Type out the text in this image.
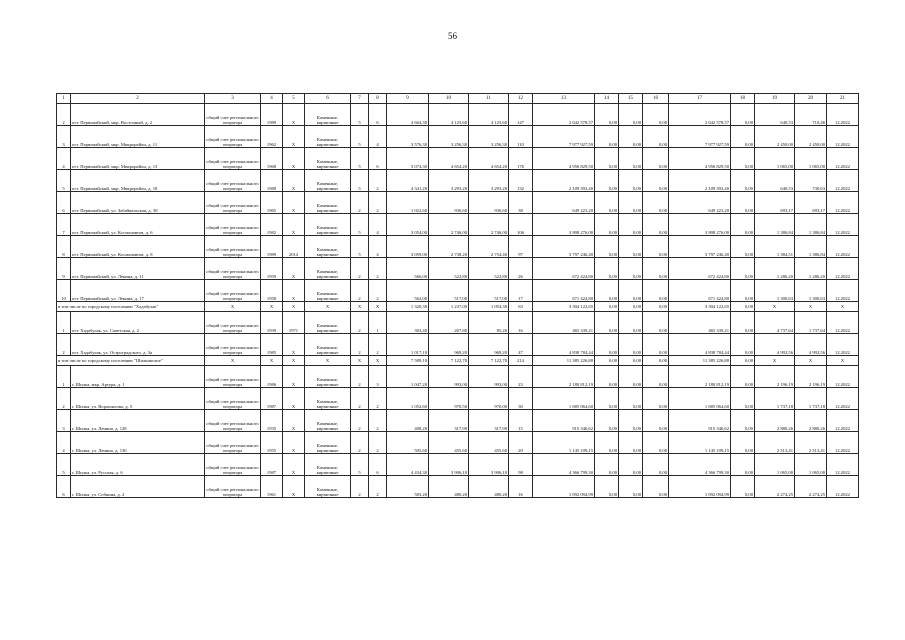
56
1	2	3	4	5	6	7	8	9	10	11	12	13	14	15	16	17	18	19	20	21
2	пгт. Первомайский, мкр. Восточный, д. 2	общий счет регионального оператора	1989	X	Каменные, кирпичные	5	6	4 664,30	4 125,60	4 125,60	147	2 642 578,57	0,00	0,00	0,00	2 642 578,57	0,00	640,53	710,46	12.2022
3	пгт. Первомайский, мкр. Микрорайон, д. 11	общий счет регионального оператора	1962	X	Каменные, кирпичные	5	4	3 576,30	3 256,30	3 256,30	110	7 977 927,59	0,00	0,00	0,00	7 977 927,59	0,00	2 450,00	2 450,00	12.2022
4	пгт. Первомайский, мкр. Микрорайон, д. 13	общий счет регионального оператора	1968	X	Каменные, кирпичные	5	6	5 074,30	4 654,20	4 654,20	176	4 956 829,50	0,00	0,00	0,00	4 956 829,50	0,00	1 065,00	1 065,00	12.2022
5	пгт. Первомайский, мкр. Микрорайон, д. 18	общий счет регионального оператора	1988	X	Каменные, кирпичные	5	2	4 341,20	3 293,20	3 293,20	132	2 109 393,40	0,00	0,00	0,00	2 109 393,40	0,00	640,53	730,63	12.2022
6	пгт. Первомайский, ул. Забайкальская, д. 38	общий счет регионального оператора	1965	X	Каменные, кирпичные	2	2	1 022,60	936,60	936,60	38	649 223,20	0,00	0,00	0,00	649 223,20	0,00	693,17	693,17	12.2022
7	пгт. Первомайский, ул. Космонавтов, д. 6	общий счет регионального оператора	1982	X	Каменные, кирпичные	5	4	3 054,00	2 746,00	2 746,00	106	3 808 276,00	0,00	0,00	0,00	3 808 276,00	0,00	1 386,84	1 386,84	12.2022
8	пгт. Первомайский, ул. Космонавтов, д. 8	общий счет регионального оператора	1989	2014	Каменные, кирпичные	5	4	3 059,00	2 738,20	2 754,40	97	3 797 246,40	0,00	0,00	0,00	3 797 246,40	0,00	1 384,51	1 386,84	12.2022
9	пгт. Первомайский, ул. Ленина, д. 11	общий счет регионального оператора	1959	X	Каменные, кирпичные	2	2	566,00	522,80	522,80	26	672 424,80	0,00	0,00	0,00	672 424,80	0,00	1 286,20	1 286,20	12.2022
10	пгт. Первомайский, ул. Ленина, д. 17	общий счет регионального оператора	1958	X	Каменные, кирпичные	2	2	562,00	517,00	517,00	17	671 424,80	0,00	0,00	0,00	671 424,80	0,00	1 300,63	1 300,63	12.2022
в том числе по городскому поселению "Хадабулак"		X	X	X	X	X	X	1 320,30	1 237,00	1 054,30	63	3 304 122,65	0,00	0,00	0,00	3 304 122,65	0,00	X	X	X
1	пгт. Хадабулак, ул. Советская, д. 2	общий счет регионального оператора	1939	1971	Каменные, кирпичные	2	1	303,40	267,80	85,26	16	465 339,21	0,00	0,00	0,00	465 339,21	0,00	4 737,64	1 737,64	12.2022
2	пгт. Хадабулак, ул. Остроградского, д. 3а	общий счет регионального оператора	1985	X	Каменные, кирпичные	2	2	1 017,10	969,20	969,20	47	4 838 784,44	0,00	0,00	0,00	4 838 784,44	0,00	4 992,56	4 992,56	12.2022
в том числе по городскому поселению "Шилкинское"		X	X	X	X	X	X	7 589,10	7 122,70	7 122,70	214	11 385 226,80	0,00	0,00	0,00	11 385 226,80	0,00	X	X	X
1	г. Шилка, мкр. Артура, д. 1	общий счет регионального оператора	1986	X	Каменные, кирпичные	2	3	1 047,20	993,00	993,00	23	2 180 812,19	0,00	0,00	0,00	2 180 812,19	0,00	2 196,19	2 196,19	12.2022
2	г. Шилка, ул. Ворошилова, д. 5	общий счет регионального оператора	1987	X	Каменные, кирпичные	2	2	1 052,60	970,50	970,00	30	1 685 064,60	0,00	0,00	0,00	1 685 064,60	0,00	1 737,18	1 737,18	12.2022
3	г. Шилка, ул. Ленина, д. 128	общий счет регионального оператора	1935	X	Каменные, кирпичные	2	2	408,20	317,90	317,90	15	915 346,62	0,00	0,00	0,00	915 346,62	0,00	2 880,26	2 880,26	12.2022
4	г. Шилка, ул. Ленина, д. 130	общий счет регионального оператора	1955	X	Каменные, кирпичные	2	2	505,60	455,60	455,60	20	1 145 109,15	0,00	0,00	0,00	1 145 109,15	0,00	2 513,41	2 513,41	12.2022
5	г. Шилка, ул. Русская, д. 6	общий счет регионального оператора	1987	X	Каменные, кирпичные	5	6	4 434,30	3 906,10	3 906,10	98	4 366 799,30	0,00	0,00	0,00	4 366 799,30	0,00	1 065,00	1 065,00	12.2022
6	г. Шилка, ул. Собкина, д. 2	общий счет регионального оператора	1961	X	Каменные, кирпичные	2	2	583,20	480,20	480,20	16	1 092 094,99	0,00	0,00	0,00	1 092 094,99	0,00	2 274,25	2 274,25	12.2022
